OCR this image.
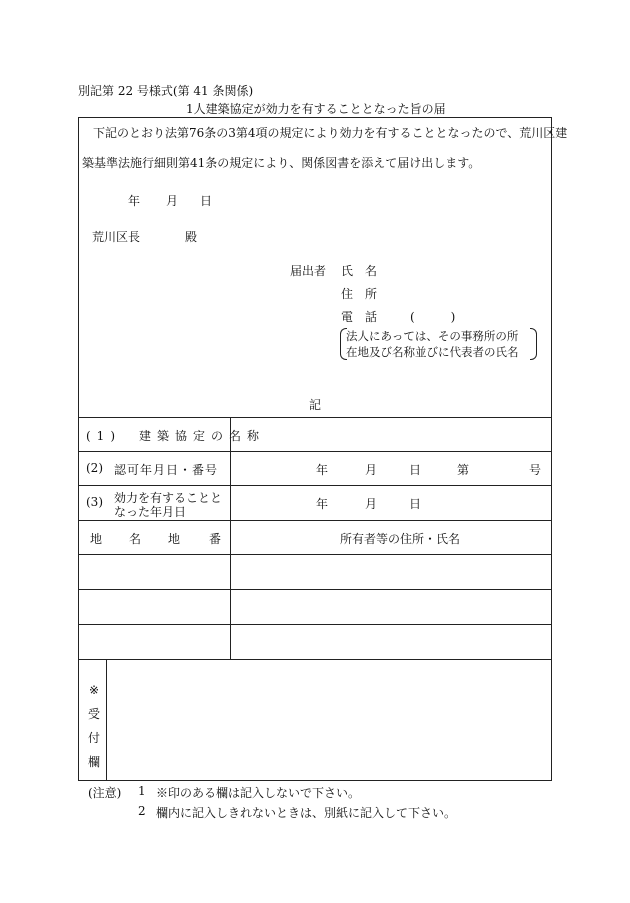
別記第 22 号様式(第 41 条関係)
1人建築協定が効力を有することとなった旨の届
下記のとおり法第76条の3第4項の規定により効力を有することとなったので、荒川区建
築基準法施行細則第41条の規定により、関係図書を添えて届け出します。
年 月 日
荒川区長	殿
届出者 氏　名
住　所
電　話	(　　　)
法人にあっては、その事務所の所
在地及び名称並びに代表者の氏名
記
(1)　建築協定の名称
(2) 認可年月日・番号	年	月	日	第	号
(3) 効力を有することと
なった年月日
年	月	日
地 名 地 番	所有者等の住所・氏名
※
受
付
欄
(注意) 1 ※印のある欄は記入しないで下さい。
2 欄内に記入しきれないときは、別紙に記入して下さい。
